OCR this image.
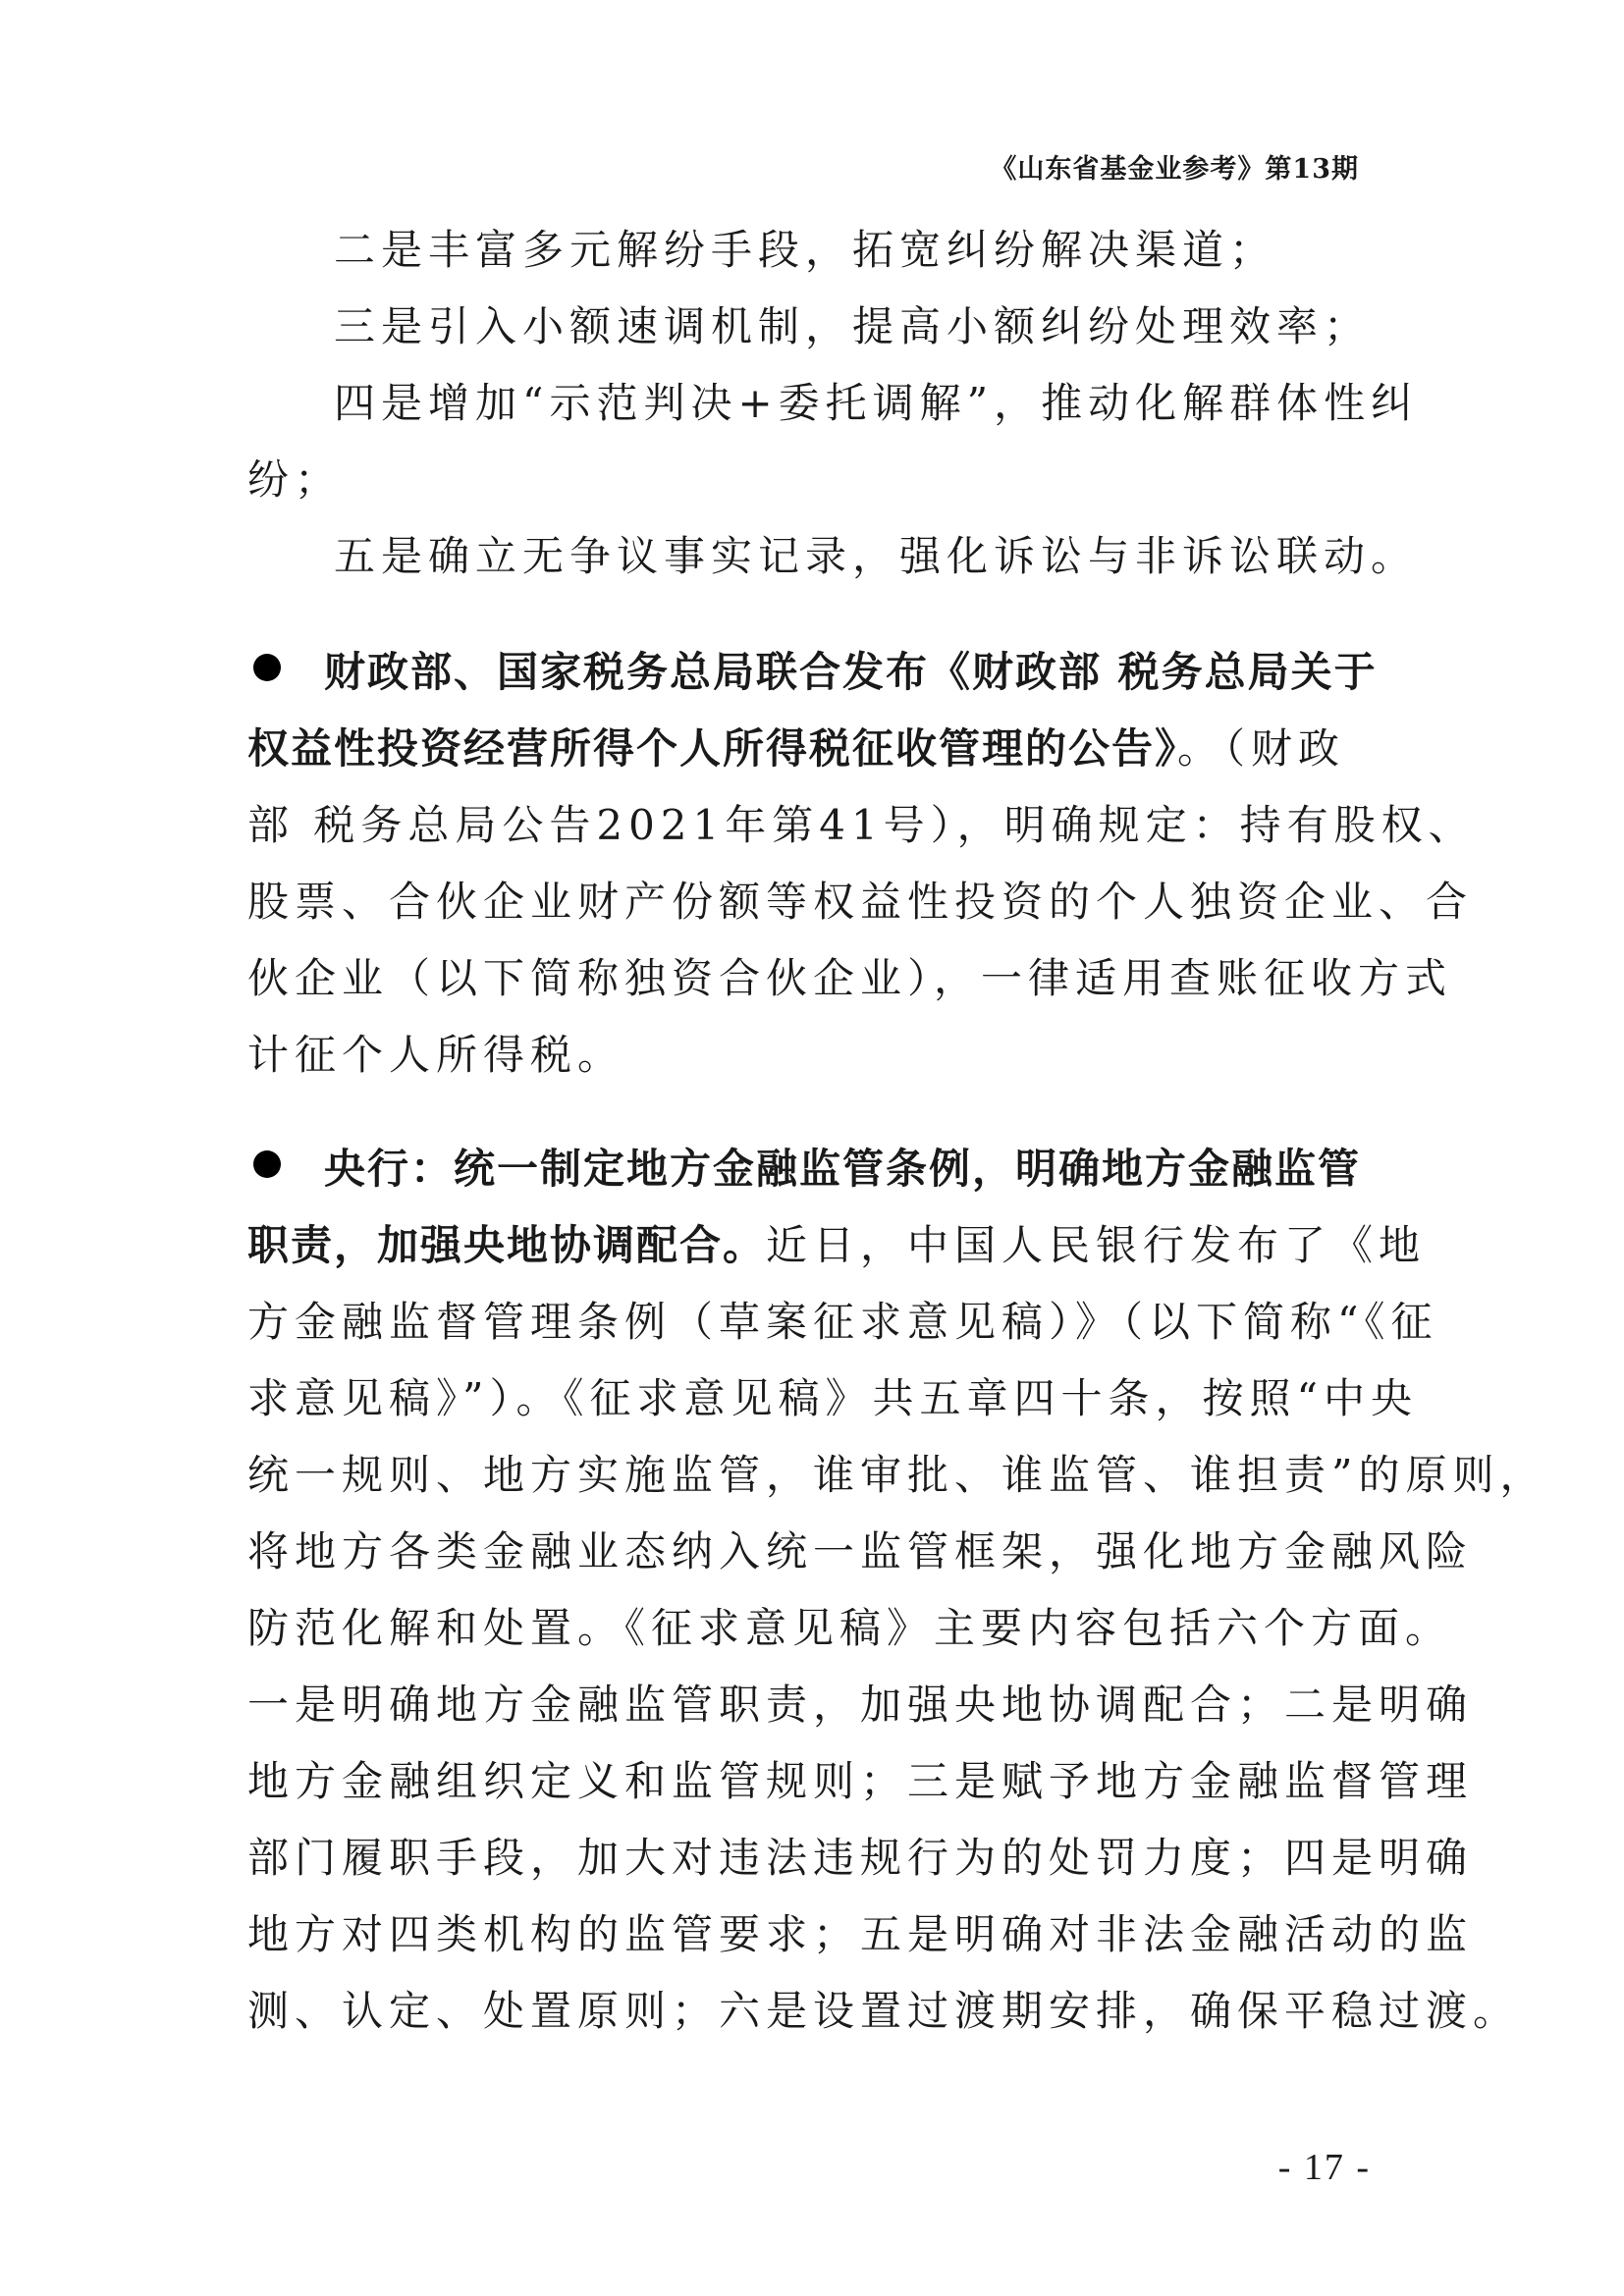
《山东省基金业参考》第13期
二是丰富多元解纷手段，拓宽纠纷解决渠道；
三是引入小额速调机制，提高小额纠纷处理效率；
四是增加“示范判决+委托调解”，推动化解群体性纠
纷；
五是确立无争议事实记录，强化诉讼与非诉讼联动。
财政部、国家税务总局联合发布《财政部 税务总局关于
权益性投资经营所得个人所得税征收管理的公告》。（财政
部 税务总局公告2021年第41号），明确规定：持有股权、
股票、合伙企业财产份额等权益性投资的个人独资企业、合
伙企业（以下简称独资合伙企业），一律适用查账征收方式
计征个人所得税。
央行：统一制定地方金融监管条例，明确地方金融监管
职责，加强央地协调配合。近日，中国人民银行发布了《地
方金融监督管理条例（草案征求意见稿）》（以下简称“《征
求意见稿》”）。《征求意见稿》共五章四十条，按照“中央
统一规则、地方实施监管，谁审批、谁监管、谁担责”的原则，
将地方各类金融业态纳入统一监管框架，强化地方金融风险
防范化解和处置。《征求意见稿》主要内容包括六个方面。
一是明确地方金融监管职责，加强央地协调配合；二是明确
地方金融组织定义和监管规则；三是赋予地方金融监督管理
部门履职手段，加大对违法违规行为的处罚力度；四是明确
地方对四类机构的监管要求；五是明确对非法金融活动的监
测、认定、处置原则；六是设置过渡期安排，确保平稳过渡。
- 17 -
